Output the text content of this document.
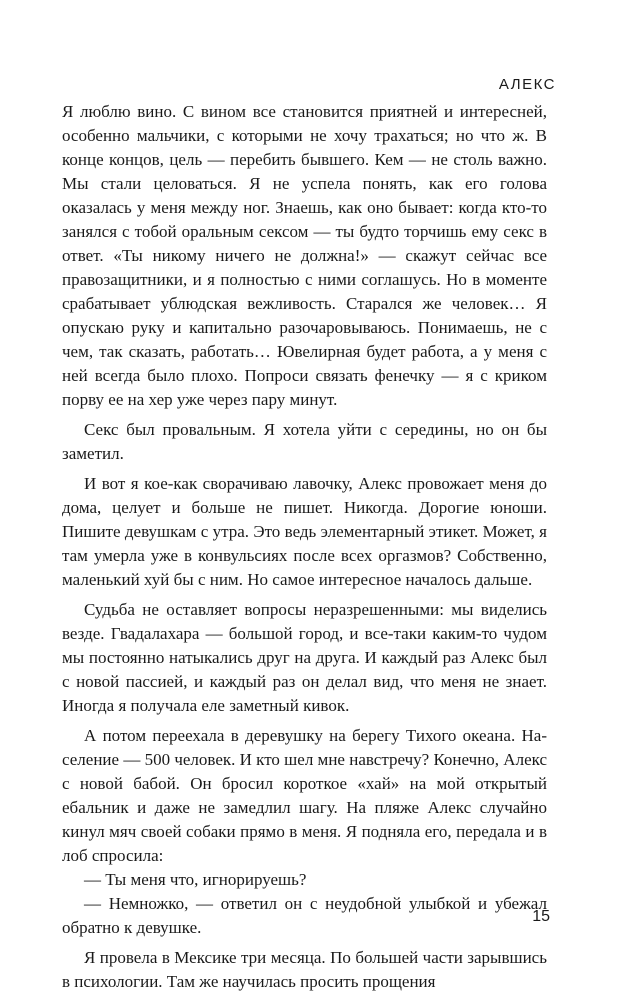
АЛЕКС

Я люблю вино. С вином все становится приятней и интересней, особенно мальчики, с которыми не хочу трахаться; но что ж. В конце концов, цель — перебить бывшего. Кем — не столь важно. Мы стали целоваться. Я не успела понять, как его голова оказалась у меня между ног. Знаешь, как оно бывает: когда кто-то занялся с тобой оральным сексом — ты будто торчишь ему секс в ответ. «Ты никому ничего не должна!» — скажут сейчас все правозащитники, и я полностью с ними соглашусь. Но в моменте срабатывает ублюдская вежливость. Старался же человек… Я опускаю руку и капитально разочаровываюсь. Понимаешь, не с чем, так сказать, работать… Ювелирная будет работа, а у меня с ней всегда было плохо. Попроси связать фенечку — я с криком порву ее на хер уже через пару минут.

Секс был провальным. Я хотела уйти с середины, но он бы заметил.

И вот я кое-как сворачиваю лавочку, Алекс провожает меня до дома, целует и больше не пишет. Никогда. Дорогие юноши. Пишите девушкам с утра. Это ведь элементарный этикет. Может, я там умерла уже в конвульсиях после всех оргазмов? Собственно, маленький хуй бы с ним. Но самое интересное началось дальше.

Судьба не оставляет вопросы неразрешенными: мы виделись везде. Гвадалахара — большой город, и все-таки каким-то чудом мы постоянно натыкались друг на друга. И каждый раз Алекс был с новой пассией, и каждый раз он делал вид, что меня не знает. Иногда я получала еле заметный кивок.

А потом переехала в деревушку на берегу Тихого океана. Население — 500 человек. И кто шел мне навстречу? Конечно, Алекс с новой бабой. Он бросил короткое «хай» на мой открытый ебальник и даже не замедлил шагу. На пляже Алекс случайно кинул мяч своей собаки прямо в меня. Я подняла его, передала и в лоб спросила:

— Ты меня что, игнорируешь?

— Немножко, — ответил он с неудобной улыбкой и убежал обратно к девушке.

Я провела в Мексике три месяца. По большей части зарывшись в психологии. Там же научилась просить прощения

15
